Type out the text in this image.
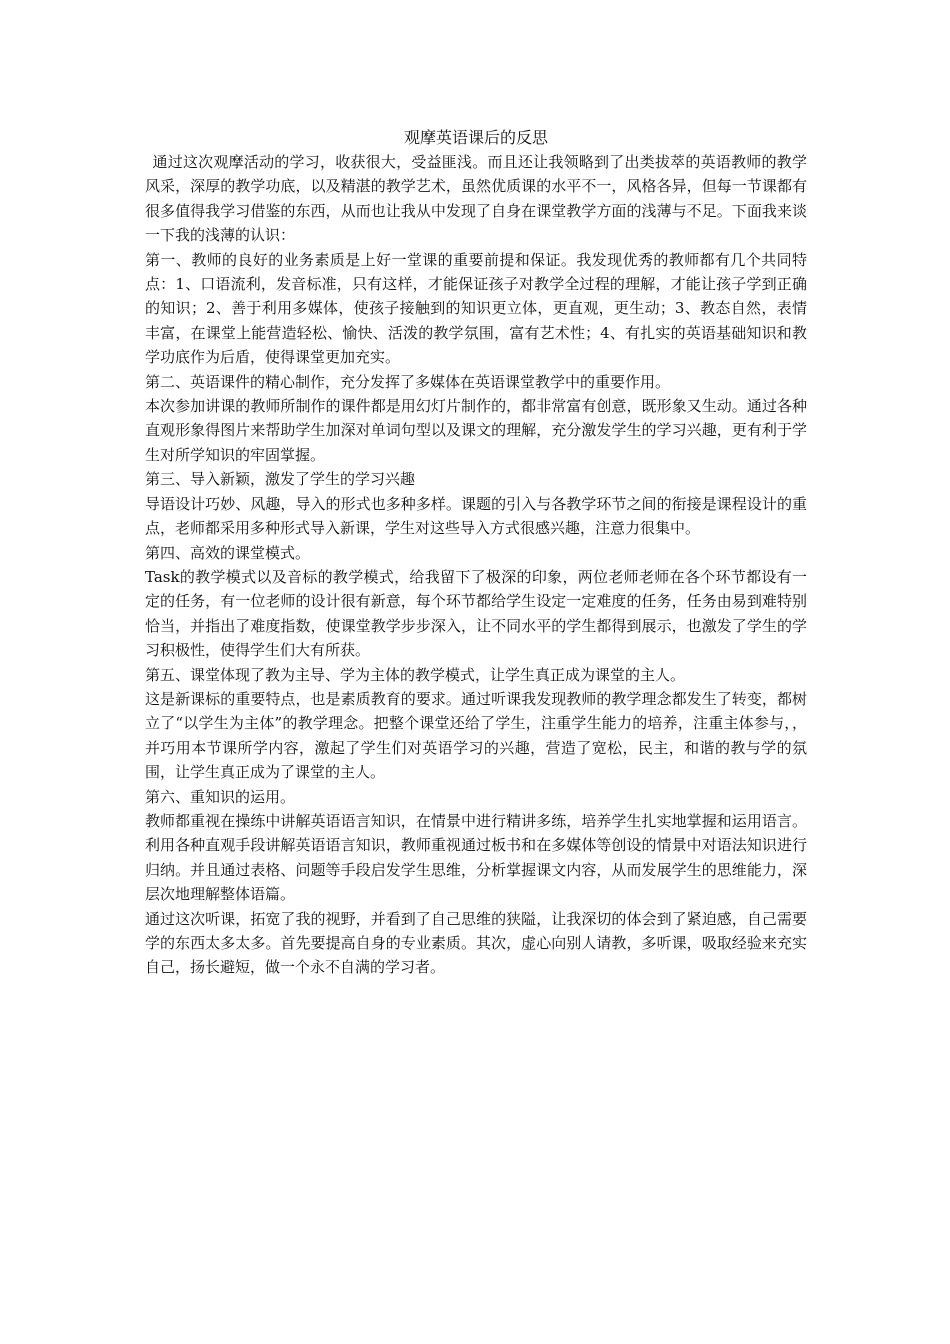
观摩英语课后的反思

通过这次观摩活动的学习，收获很大，受益匪浅。而且还让我领略到了出类拔萃的英语教师的教学风采，深厚的教学功底，以及精湛的教学艺术，虽然优质课的水平不一，风格各异，但每一节课都有很多值得我学习借鉴的东西，从而也让我从中发现了自身在课堂教学方面的浅薄与不足。下面我来谈一下我的浅薄的认识：

第一、教师的良好的业务素质是上好一堂课的重要前提和保证。我发现优秀的教师都有几个共同特点：1、口语流利，发音标准，只有这样，才能保证孩子对教学全过程的理解，才能让孩子学到正确的知识；2、善于利用多媒体，使孩子接触到的知识更立体，更直观，更生动；3、教态自然，表情丰富，在课堂上能营造轻松、愉快、活泼的教学氛围，富有艺术性；4、有扎实的英语基础知识和教学功底作为后盾，使得课堂更加充实。

第二、英语课件的精心制作，充分发挥了多媒体在英语课堂教学中的重要作用。

本次参加讲课的教师所制作的课件都是用幻灯片制作的，都非常富有创意，既形象又生动。通过各种直观形象得图片来帮助学生加深对单词句型以及课文的理解，充分激发学生的学习兴趣，更有利于学生对所学知识的牢固掌握。

第三、导入新颖，激发了学生的学习兴趣

导语设计巧妙、风趣，导入的形式也多种多样。课题的引入与各教学环节之间的衔接是课程设计的重点，老师都采用多种形式导入新课，学生对这些导入方式很感兴趣，注意力很集中。

第四、高效的课堂模式。

Task的教学模式以及音标的教学模式，给我留下了极深的印象，两位老师老师在各个环节都设有一定的任务，有一位老师的设计很有新意，每个环节都给学生设定一定难度的任务，任务由易到难特别恰当，并指出了难度指数，使课堂教学步步深入，让不同水平的学生都得到展示，也激发了学生的学习积极性，使得学生们大有所获。

第五、课堂体现了教为主导、学为主体的教学模式，让学生真正成为课堂的主人。

这是新课标的重要特点，也是素质教育的要求。通过听课我发现教师的教学理念都发生了转变，都树立了“以学生为主体”的教学理念。把整个课堂还给了学生，注重学生能力的培养，注重主体参与，，并巧用本节课所学内容，激起了学生们对英语学习的兴趣，营造了宽松，民主，和谐的教与学的氛围，让学生真正成为了课堂的主人。

第六、重知识的运用。

教师都重视在操练中讲解英语语言知识，在情景中进行精讲多练，培养学生扎实地掌握和运用语言。利用各种直观手段讲解英语语言知识，教师重视通过板书和在多媒体等创设的情景中对语法知识进行归纳。并且通过表格、问题等手段启发学生思维，分析掌握课文内容，从而发展学生的思维能力，深层次地理解整体语篇。

通过这次听课，拓宽了我的视野，并看到了自己思维的狭隘，让我深切的体会到了紧迫感，自己需要学的东西太多太多。首先要提高自身的专业素质。其次，虚心向别人请教，多听课，吸取经验来充实自己，扬长避短，做一个永不自满的学习者。
